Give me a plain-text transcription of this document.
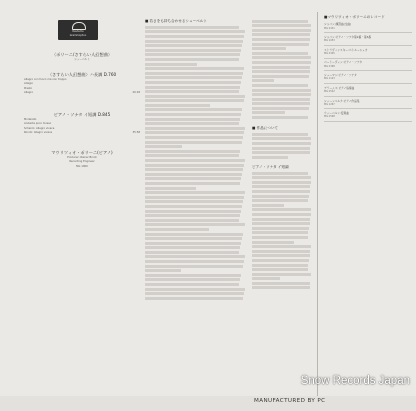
Deutsche
Grammophon
〈ポリーニ/さすらい人幻想曲〉
シューベルト
〈さすらい人幻想曲〉ハ長調 D.760
Allegro con fuoco ma non troppo
Adagio
Presto
Allegro	20:18
ピアノ・ソナタ イ短調 D.845
Moderato
Andante poco mosso
Scherzo: Allegro vivace
Rondo: Allegro vivace	35:58
マウリツィオ・ポリーニ(ピアノ)
Producer: Rainer Brock
Recording Engineer
MG 1000
■ 若さをも持ち合わせるシューベルト
■ 作品について
ピアノ・ソナタ イ短調
■マウリツィオ・ポリーニのレコード
ショパン:練習曲(全曲)
MG 2431
ショパン:ピアノ・ソナタ第2番・第3番
MG 1053
ストラヴィンスキー:ペトルーシュカ
MG 2345
ベートーヴェン:ピアノ・ソナタ
MG 2398
シューマン:ピアノ・ソナタ
MG 1123
ブラームス:ピアノ協奏曲
MG 2522
シェーンベルク:ピアノ作品集
MG 1267
ウェーベルン:変奏曲
MG 2598
MANUFACTURED BY PC
Snow Records Japan
